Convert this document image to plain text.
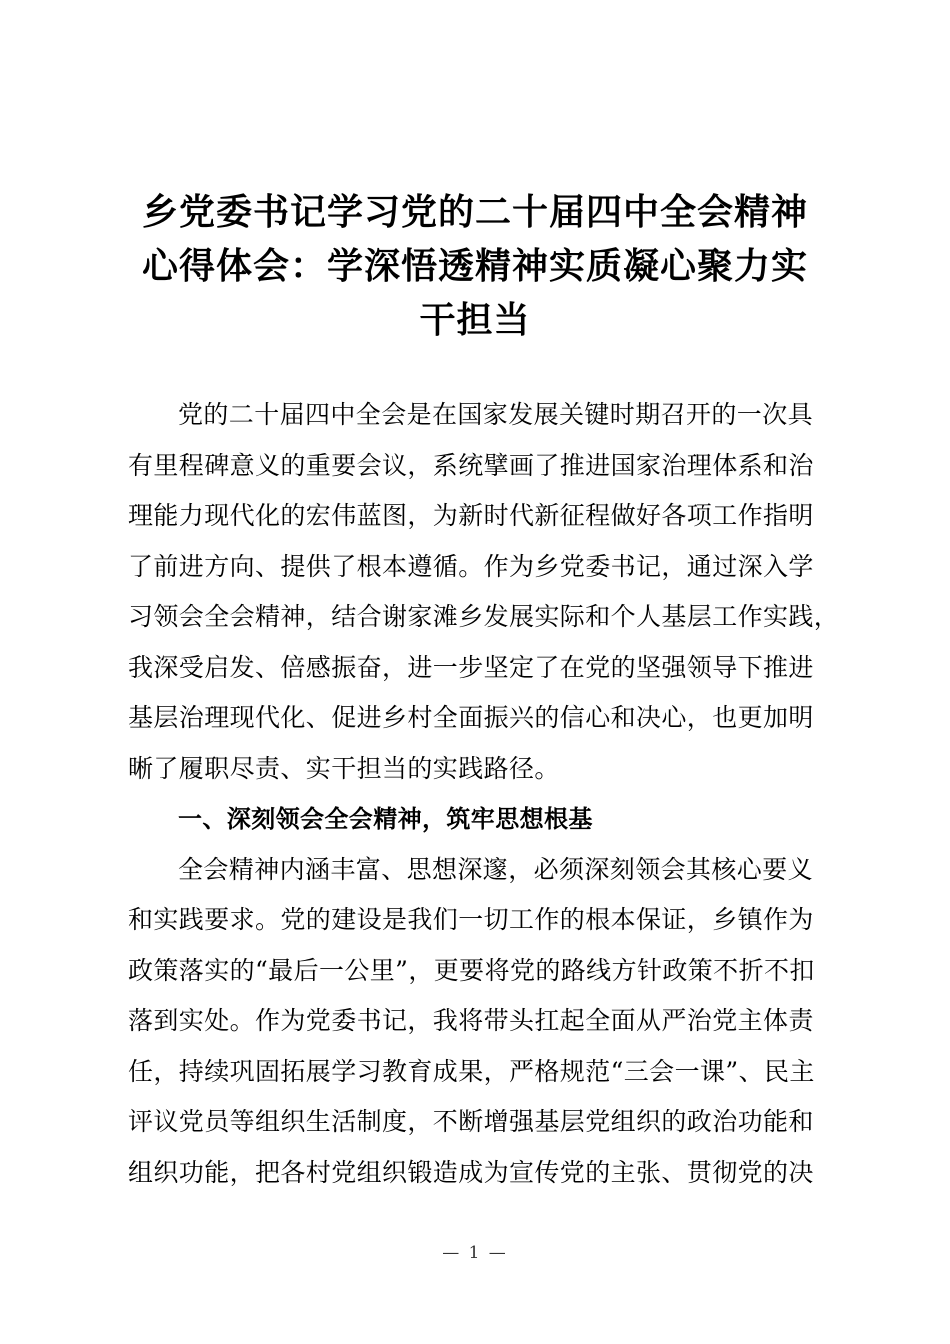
乡党委书记学习党的二十届四中全会精神
心得体会：学深悟透精神实质凝心聚力实
干担当
党的二十届四中全会是在国家发展关键时期召开的一次具
有里程碑意义的重要会议，系统擘画了推进国家治理体系和治
理能力现代化的宏伟蓝图，为新时代新征程做好各项工作指明
了前进方向、提供了根本遵循。作为乡党委书记，通过深入学
习领会全会精神，结合谢家滩乡发展实际和个人基层工作实践，
我深受启发、倍感振奋，进一步坚定了在党的坚强领导下推进
基层治理现代化、促进乡村全面振兴的信心和决心，也更加明
晰了履职尽责、实干担当的实践路径。
一、深刻领会全会精神，筑牢思想根基
全会精神内涵丰富、思想深邃，必须深刻领会其核心要义
和实践要求。党的建设是我们一切工作的根本保证，乡镇作为
政策落实的“最后一公里”，更要将党的路线方针政策不折不扣
落到实处。作为党委书记，我将带头扛起全面从严治党主体责
任，持续巩固拓展学习教育成果，严格规范“三会一课”、民主
评议党员等组织生活制度，不断增强基层党组织的政治功能和
组织功能，把各村党组织锻造成为宣传党的主张、贯彻党的决
— 1 —
